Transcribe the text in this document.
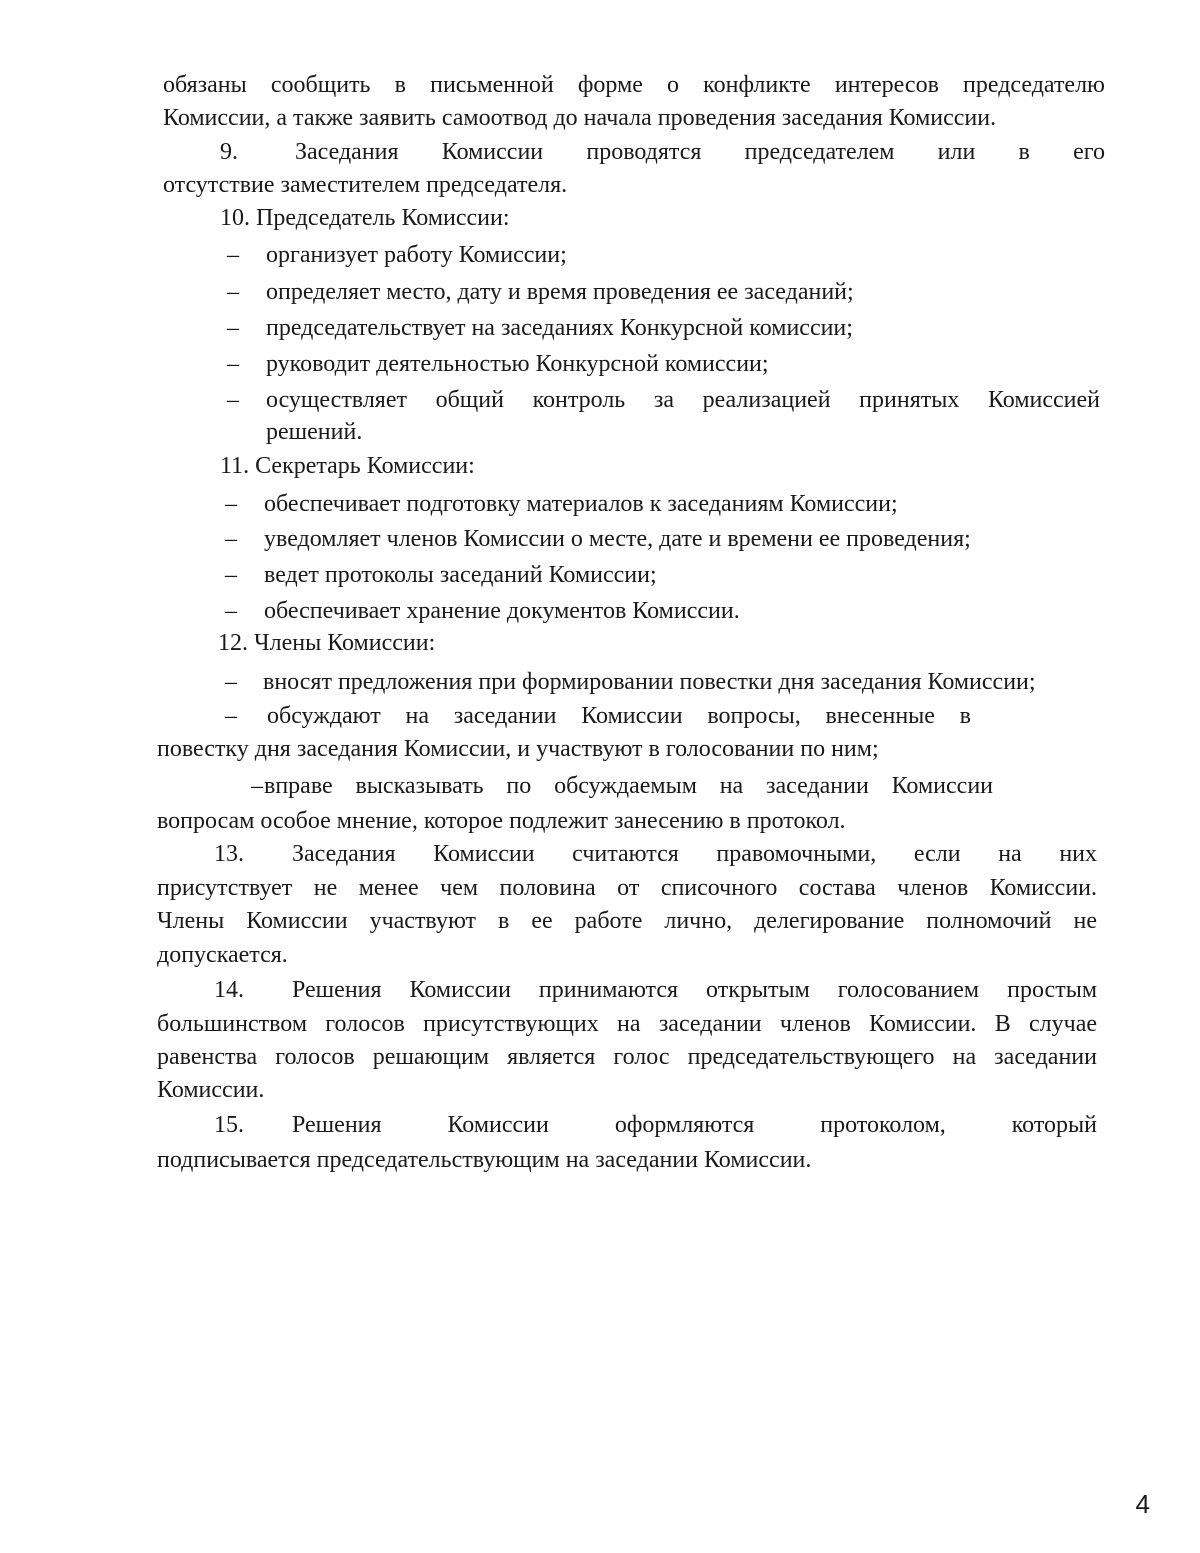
обязаны сообщить в письменной форме о конфликте интересов председателю
Комиссии, а также заявить самоотвод до начала проведения заседания Комиссии.
9. Заседания Комиссии проводятся председателем или в его
отсутствие заместителем председателя.
10. Председатель Комиссии:
– организует работу Комиссии;
– определяет место, дату и время проведения ее заседаний;
– председательствует на заседаниях Конкурсной комиссии;
– руководит деятельностью Конкурсной комиссии;
– осуществляет общий контроль за реализацией принятых Комиссией
решений.
11. Секретарь Комиссии:
– обеспечивает подготовку материалов к заседаниям Комиссии;
– уведомляет членов Комиссии о месте, дате и времени ее проведения;
– ведет протоколы заседаний Комиссии;
– обеспечивает хранение документов Комиссии.
12. Члены Комиссии:
– вносят предложения при формировании повестки дня заседания Комиссии;
– обсуждают на заседании Комиссии вопросы, внесенные в
повестку дня заседания Комиссии, и участвуют в голосовании по ним;
– вправе высказывать по обсуждаемым на заседании Комиссии
вопросам особое мнение, которое подлежит занесению в протокол.
13. Заседания Комиссии считаются правомочными, если на них
присутствует не менее чем половина от списочного состава членов Комиссии.
Члены Комиссии участвуют в ее работе лично, делегирование полномочий не
допускается.
14. Решения Комиссии принимаются открытым голосованием простым
большинством голосов присутствующих на заседании членов Комиссии. В случае
равенства голосов решающим является голос председательствующего на заседании
Комиссии.
15. Решения Комиссии оформляются протоколом, который
подписывается председательствующим на заседании Комиссии.
4
